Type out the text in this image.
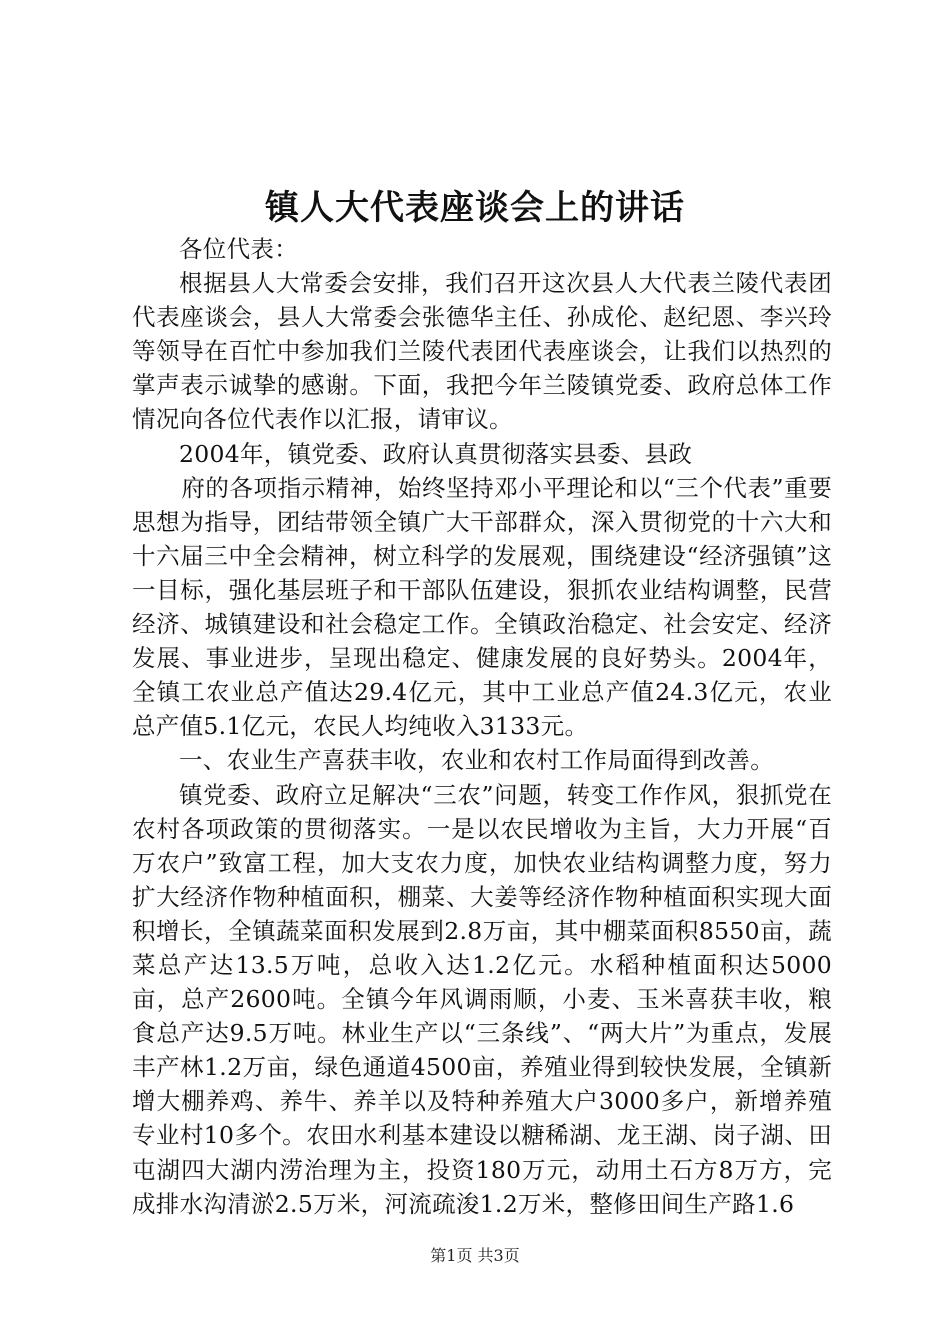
镇人大代表座谈会上的讲话

各位代表：

根据县人大常委会安排，我们召开这次县人大代表兰陵代表团代表座谈会，县人大常委会张德华主任、孙成伦、赵纪恩、李兴玲等领导在百忙中参加我们兰陵代表团代表座谈会，让我们以热烈的掌声表示诚挚的感谢。下面，我把今年兰陵镇党委、政府总体工作情况向各位代表作以汇报，请审议。

2004年，镇党委、政府认真贯彻落实县委、县政

府的各项指示精神，始终坚持邓小平理论和以“三个代表”重要思想为指导，团结带领全镇广大干部群众，深入贯彻党的十六大和十六届三中全会精神，树立科学的发展观，围绕建设“经济强镇”这一目标，强化基层班子和干部队伍建设，狠抓农业结构调整，民营经济、城镇建设和社会稳定工作。全镇政治稳定、社会安定、经济发展、事业进步，呈现出稳定、健康发展的良好势头。2004年，全镇工农业总产值达29.4亿元，其中工业总产值24.3亿元，农业总产值5.1亿元，农民人均纯收入3133元。

一、农业生产喜获丰收，农业和农村工作局面得到改善。

镇党委、政府立足解决“三农”问题，转变工作作风，狠抓党在农村各项政策的贯彻落实。一是以农民增收为主旨，大力开展“百万农户”致富工程，加大支农力度，加快农业结构调整力度，努力扩大经济作物种植面积，棚菜、大姜等经济作物种植面积实现大面积增长，全镇蔬菜面积发展到2.8万亩，其中棚菜面积8550亩，蔬菜总产达13.5万吨，总收入达1.2亿元。水稻种植面积达5000亩，总产2600吨。全镇今年风调雨顺，小麦、玉米喜获丰收，粮食总产达9.5万吨。林业生产以“三条线”、“两大片”为重点，发展丰产林1.2万亩，绿色通道4500亩，养殖业得到较快发展，全镇新增大棚养鸡、养牛、养羊以及特种养殖大户3000多户，新增养殖专业村10多个。农田水利基本建设以糖稀湖、龙王湖、岗子湖、田屯湖四大湖内涝治理为主，投资180万元，动用土石方8万方，完成排水沟清淤2.5万米，河流疏浚1.2万米，整修田间生产路1.6

第1页 共3页
